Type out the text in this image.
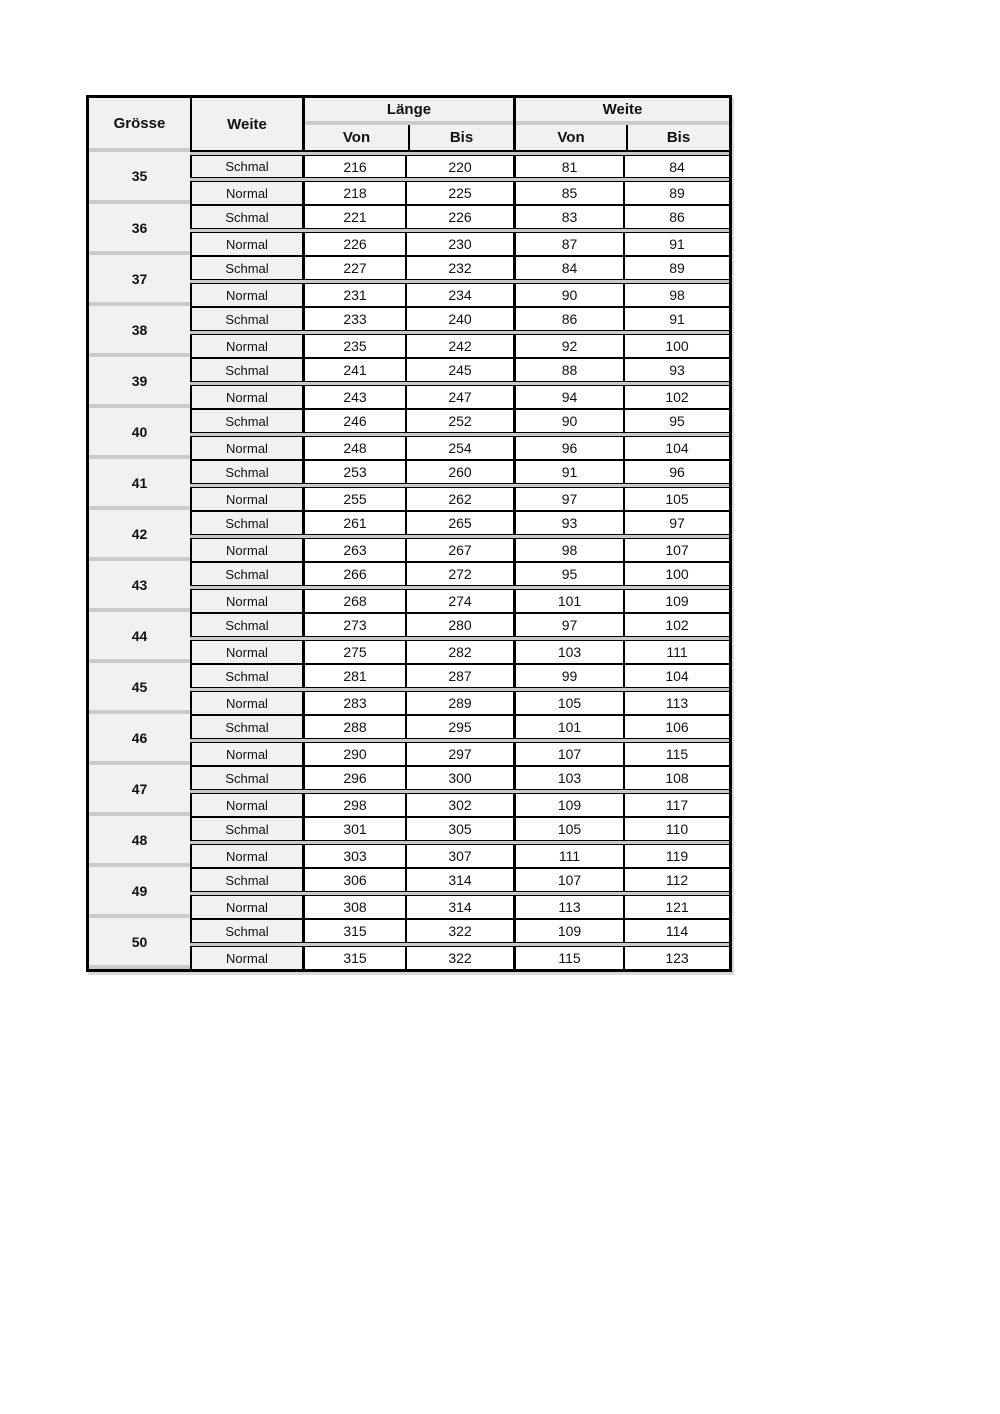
Grösse	Weite
Länge
Von	Bis
Weite
Von	Bis
35
Schmal	216	220	81	84
Normal	218	225	85	89
36
Schmal	221	226	83	86
Normal	226	230	87	91
37
Schmal	227	232	84	89
Normal	231	234	90	98
38
Schmal	233	240	86	91
Normal	235	242	92	100
39
Schmal	241	245	88	93
Normal	243	247	94	102
40
Schmal	246	252	90	95
Normal	248	254	96	104
41
Schmal	253	260	91	96
Normal	255	262	97	105
42
Schmal	261	265	93	97
Normal	263	267	98	107
43
Schmal	266	272	95	100
Normal	268	274	101	109
44
Schmal	273	280	97	102
Normal	275	282	103	111
45
Schmal	281	287	99	104
Normal	283	289	105	113
46
Schmal	288	295	101	106
Normal	290	297	107	115
47
Schmal	296	300	103	108
Normal	298	302	109	117
48
Schmal	301	305	105	110
Normal	303	307	111	119
49
Schmal	306	314	107	112
Normal	308	314	113	121
50
Schmal	315	322	109	114
Normal	315	322	115	123
